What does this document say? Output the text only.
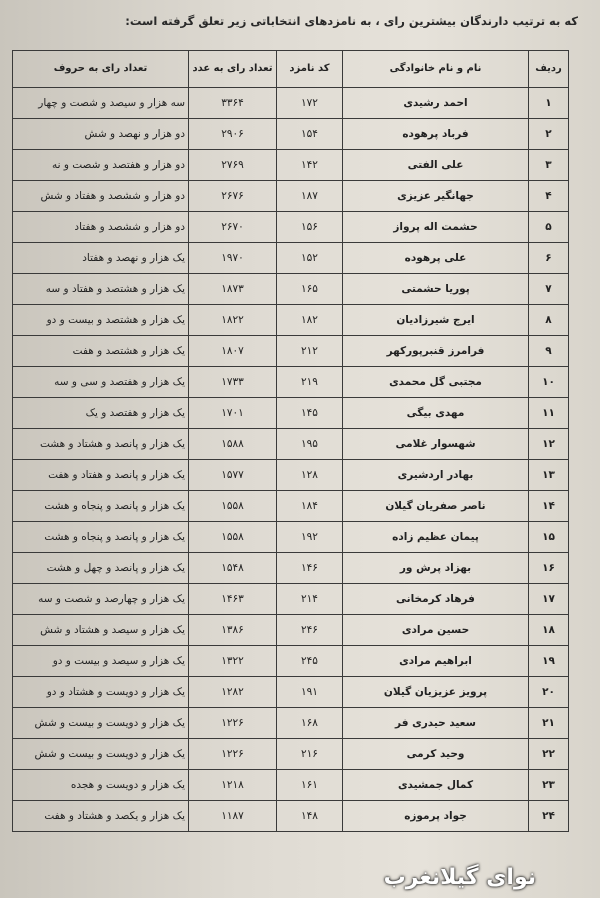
که به ترتیب دارندگان بیشترین رای ، به نامزدهای انتخاباتی زیر تعلق گرفته است:
ردیف	نام و نام خانوادگی	کد نامزد	تعداد رای به عدد	تعداد رای به حروف
۱	احمد رشیدی	۱۷۲	۳۳۶۴	سه هزار و سیصد و شصت و چهار
۲	فرباد پرهوده	۱۵۴	۲۹۰۶	دو هزار و نهصد و شش
۳	علی الفتی	۱۴۲	۲۷۶۹	دو هزار و هفتصد و شصت و نه
۴	جهانگیر عزیزی	۱۸۷	۲۶۷۶	دو هزار و ششصد و هفتاد و شش
۵	حشمت اله پرواز	۱۵۶	۲۶۷۰	دو هزار و ششصد و هفتاد
۶	علی پرهوده	۱۵۲	۱۹۷۰	یک هزار و نهصد و هفتاد
۷	پوریا حشمتی	۱۶۵	۱۸۷۳	یک هزار و هشتصد و هفتاد و سه
۸	ایرج شیرزادیان	۱۸۲	۱۸۲۲	یک هزار و هشتصد و بیست و دو
۹	فرامرز قنبرپورکهر	۲۱۲	۱۸۰۷	یک هزار و هشتصد و هفت
۱۰	مجتبی گل محمدی	۲۱۹	۱۷۳۳	یک هزار و هفتصد و سی و سه
۱۱	مهدی بیگی	۱۴۵	۱۷۰۱	یک هزار و هفتصد و یک
۱۲	شهسوار غلامی	۱۹۵	۱۵۸۸	یک هزار و پانصد و هشتاد و هشت
۱۳	بهادر اردشیری	۱۲۸	۱۵۷۷	یک هزار و پانصد و هفتاد و هفت
۱۴	ناصر صفریان گیلان	۱۸۴	۱۵۵۸	یک هزار و پانصد و پنجاه و هشت
۱۵	پیمان عظیم زاده	۱۹۲	۱۵۵۸	یک هزار و پانصد و پنجاه و هشت
۱۶	بهزاد پرش ور	۱۴۶	۱۵۴۸	یک هزار و پانصد و چهل و هشت
۱۷	فرهاد کرمخانی	۲۱۴	۱۴۶۳	یک هزار و چهارصد و شصت و سه
۱۸	حسین مرادی	۲۴۶	۱۳۸۶	یک هزار و سیصد و هشتاد و شش
۱۹	ابراهیم مرادی	۲۴۵	۱۳۲۲	یک هزار و سیصد و بیست و دو
۲۰	پرویز عزیزیان گیلان	۱۹۱	۱۲۸۲	یک هزار و دویست و هشتاد و دو
۲۱	سعید حیدری فر	۱۶۸	۱۲۲۶	یک هزار و دویست و بیست و شش
۲۲	وحید کرمی	۲۱۶	۱۲۲۶	یک هزار و دویست و بیست و شش
۲۳	کمال جمشیدی	۱۶۱	۱۲۱۸	یک هزار و دویست و هجده
۲۴	جواد پرموزه	۱۴۸	۱۱۸۷	یک هزار و یکصد و هشتاد و هفت
نوای گیلانغرب
